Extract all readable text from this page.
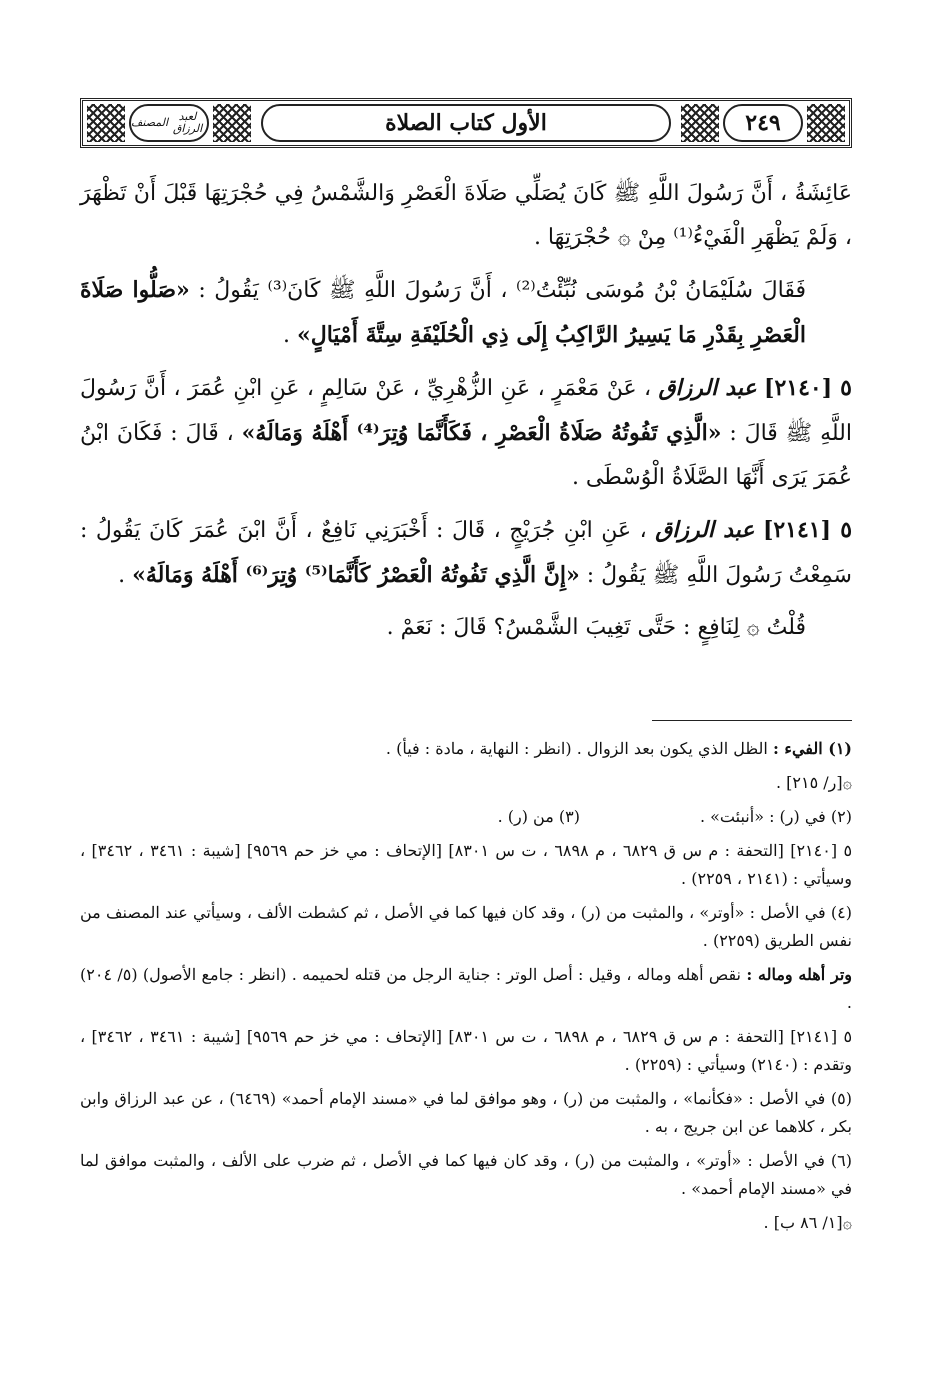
المصنف لعبد الرزاق	الأول كتاب الصلاة	٢٤٩

عَائِشَةُ ، أَنَّ رَسُولَ اللَّهِ ﷺ كَانَ يُصَلِّي صَلَاةَ الْعَصْرِ وَالشَّمْسُ فِي حُجْرَتِهَا قَبْلَ أَنْ تَظْهَرَ ، وَلَمْ يَظْهَرِ الْفَيْءُ⁽¹⁾ مِنْ ۞ حُجْرَتِهَا .

فَقَالَ سُلَيْمَانُ بْنُ مُوسَى نُبِّئْتُ⁽²⁾ ، أَنَّ رَسُولَ اللَّهِ ﷺ كَانَ⁽³⁾ يَقُولُ : «صَلُّوا صَلَاةَ الْعَصْرِ بِقَدْرِ مَا يَسِيرُ الرَّاكِبُ إِلَى ذِي الْحُلَيْفَةِ سِتَّةَ أَمْيَالٍ» .

٥ [٢١٤٠] عبد الرزاق ، عَنْ مَعْمَرٍ ، عَنِ الزُّهْرِيِّ ، عَنْ سَالِمٍ ، عَنِ ابْنِ عُمَرَ ، أَنَّ رَسُولَ اللَّهِ ﷺ قَالَ : «الَّذِي تَفُوتُهُ صَلَاةُ الْعَصْرِ ، فَكَأَنَّمَا وُتِرَ⁽⁴⁾ أَهْلَهُ وَمَالَهُ» ، قَالَ : فَكَانَ ابْنُ عُمَرَ يَرَى أَنَّهَا الصَّلَاةُ الْوُسْطَى .

٥ [٢١٤١] عبد الرزاق ، عَنِ ابْنِ جُرَيْجٍ ، قَالَ : أَخْبَرَنِي نَافِعٌ ، أَنَّ ابْنَ عُمَرَ كَانَ يَقُولُ : سَمِعْتُ رَسُولَ اللَّهِ ﷺ يَقُولُ : «إِنَّ الَّذِي تَفُوتُهُ الْعَصْرُ كَأَنَّمَا⁽⁵⁾ وُتِرَ⁽⁶⁾ أَهْلَهُ وَمَالَهُ» .

قُلْتُ ۞ لِنَافِعٍ : حَتَّى تَغِيبَ الشَّمْسُ؟ قَالَ : نَعَمْ .

(١) الفيء : الظل الذي يكون بعد الزوال . (انظر : النهاية ، مادة : فيأ) .
۞[ر/ ٢١٥] .
(٢) في (ر) : «أنبئت» .
(٣) من (ر) .
٥ [٢١٤٠] [التحفة : م س ق ٦٨٢٩ ، م ٦٨٩٨ ، ت س ٨٣٠١] [الإتحاف : مي خز حم ٩٥٦٩] [شيبة : ٣٤٦١ ، ٣٤٦٢] ، وسيأتي : (٢١٤١ ، ٢٢٥٩) .
(٤) في الأصل : «أوتر» ، والمثبت من (ر) ، وقد كان فيها كما في الأصل ، ثم كشطت الألف ، وسيأتي عند المصنف من نفس الطريق (٢٢٥٩) .
وتر أهله وماله : نقص أهله وماله ، وقيل : أصل الوتر : جناية الرجل من قتله لحميمه . (انظر : جامع الأصول) (٥/ ٢٠٤) .
٥ [٢١٤١] [التحفة : م س ق ٦٨٢٩ ، م ٦٨٩٨ ، ت س ٨٣٠١] [الإتحاف : مي خز حم ٩٥٦٩] [شيبة : ٣٤٦١ ، ٣٤٦٢] ، وتقدم : (٢١٤٠) وسيأتي : (٢٢٥٩) .
(٥) في الأصل : «فكأنما» ، والمثبت من (ر) ، وهو موافق لما في «مسند الإمام أحمد» (٦٤٦٩) ، عن عبد الرزاق وابن بكر ، كلاهما عن ابن جريج ، به .
(٦) في الأصل : «أوتر» ، والمثبت من (ر) ، وقد كان فيها كما في الأصل ، ثم ضرب على الألف ، والمثبت موافق لما في «مسند الإمام أحمد» .
۞[١/ ٨٦ ب] .
